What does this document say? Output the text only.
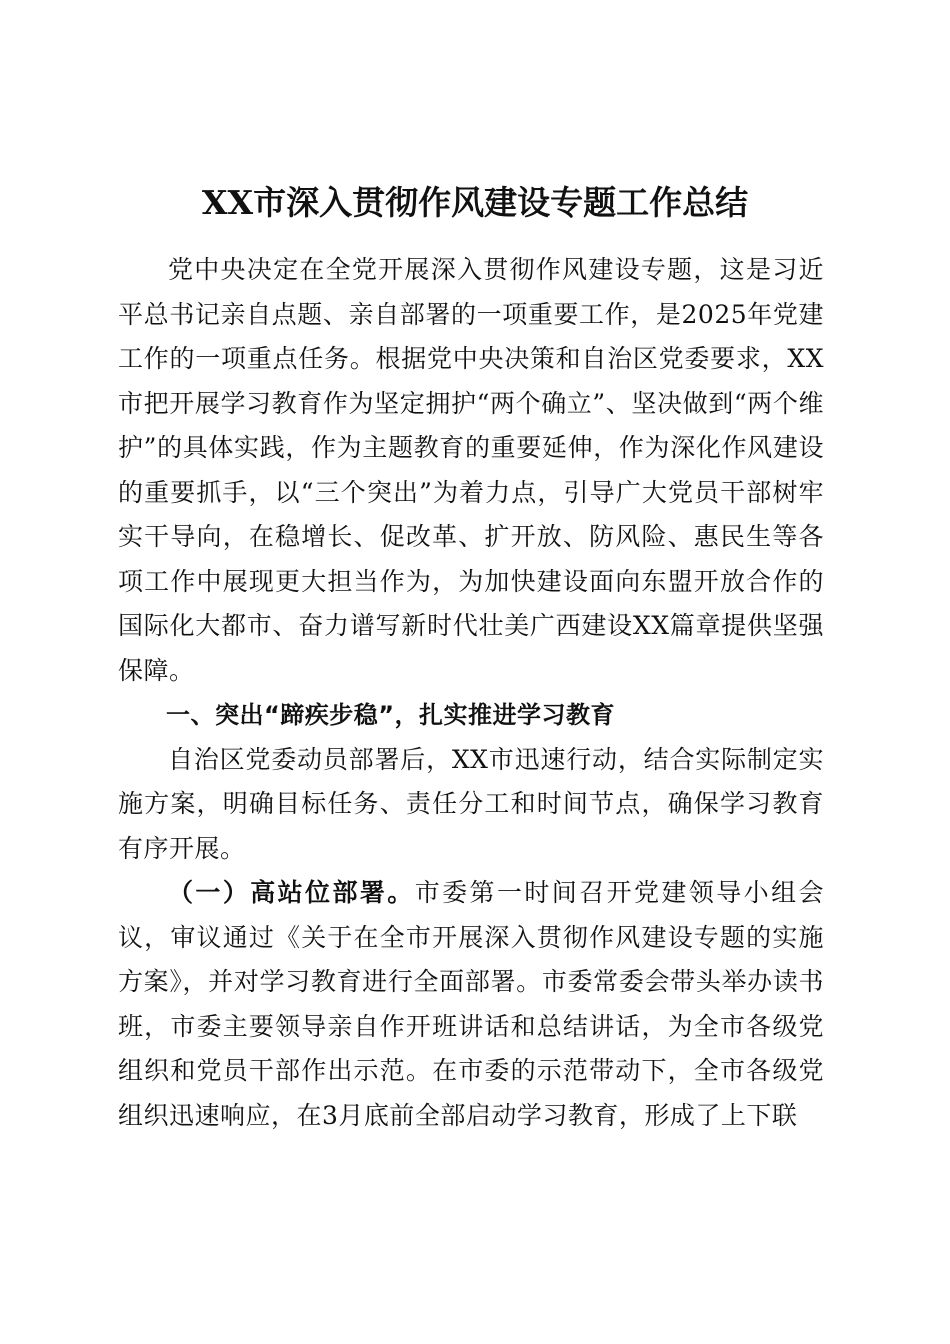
XX市深入贯彻作风建设专题工作总结

党中央决定在全党开展深入贯彻作风建设专题，这是习近平总书记亲自点题、亲自部署的一项重要工作，是2025年党建工作的一项重点任务。根据党中央决策和自治区党委要求，XX市把开展学习教育作为坚定拥护“两个确立”、坚决做到“两个维护”的具体实践，作为主题教育的重要延伸，作为深化作风建设的重要抓手，以“三个突出”为着力点，引导广大党员干部树牢实干导向，在稳增长、促改革、扩开放、防风险、惠民生等各项工作中展现更大担当作为，为加快建设面向东盟开放合作的国际化大都市、奋力谱写新时代壮美广西建设XX篇章提供坚强保障。

一、突出“蹄疾步稳”，扎实推进学习教育

自治区党委动员部署后，XX市迅速行动，结合实际制定实施方案，明确目标任务、责任分工和时间节点，确保学习教育有序开展。

（一）高站位部署。市委第一时间召开党建领导小组会议，审议通过《关于在全市开展深入贯彻作风建设专题的实施方案》，并对学习教育进行全面部署。市委常委会带头举办读书班，市委主要领导亲自作开班讲话和总结讲话，为全市各级党组织和党员干部作出示范。在市委的示范带动下，全市各级党组织迅速响应，在3月底前全部启动学习教育，形成了上下联
